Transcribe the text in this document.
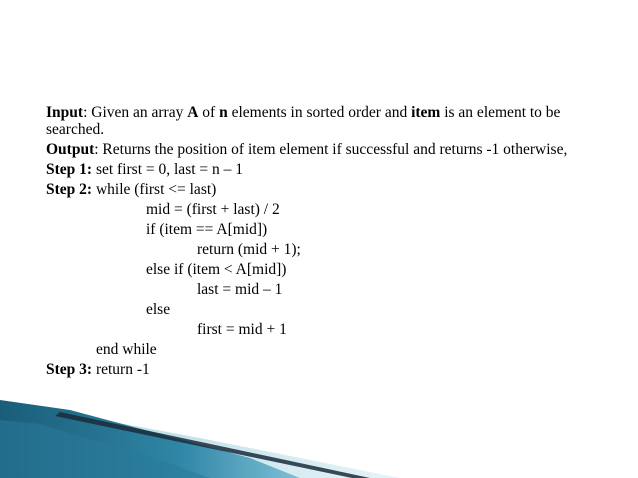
Input: Given an array A of n elements in sorted order and item is an element to be searched.

Output: Returns the position of item element if successful and returns -1 otherwise,

Step 1: set first = 0, last = n – 1
Step 2: while (first <= last)
mid = (first + last) / 2
if (item == A[mid])
return (mid + 1);
else if (item < A[mid])
last = mid – 1
else
first = mid + 1
end while
Step 3: return -1
